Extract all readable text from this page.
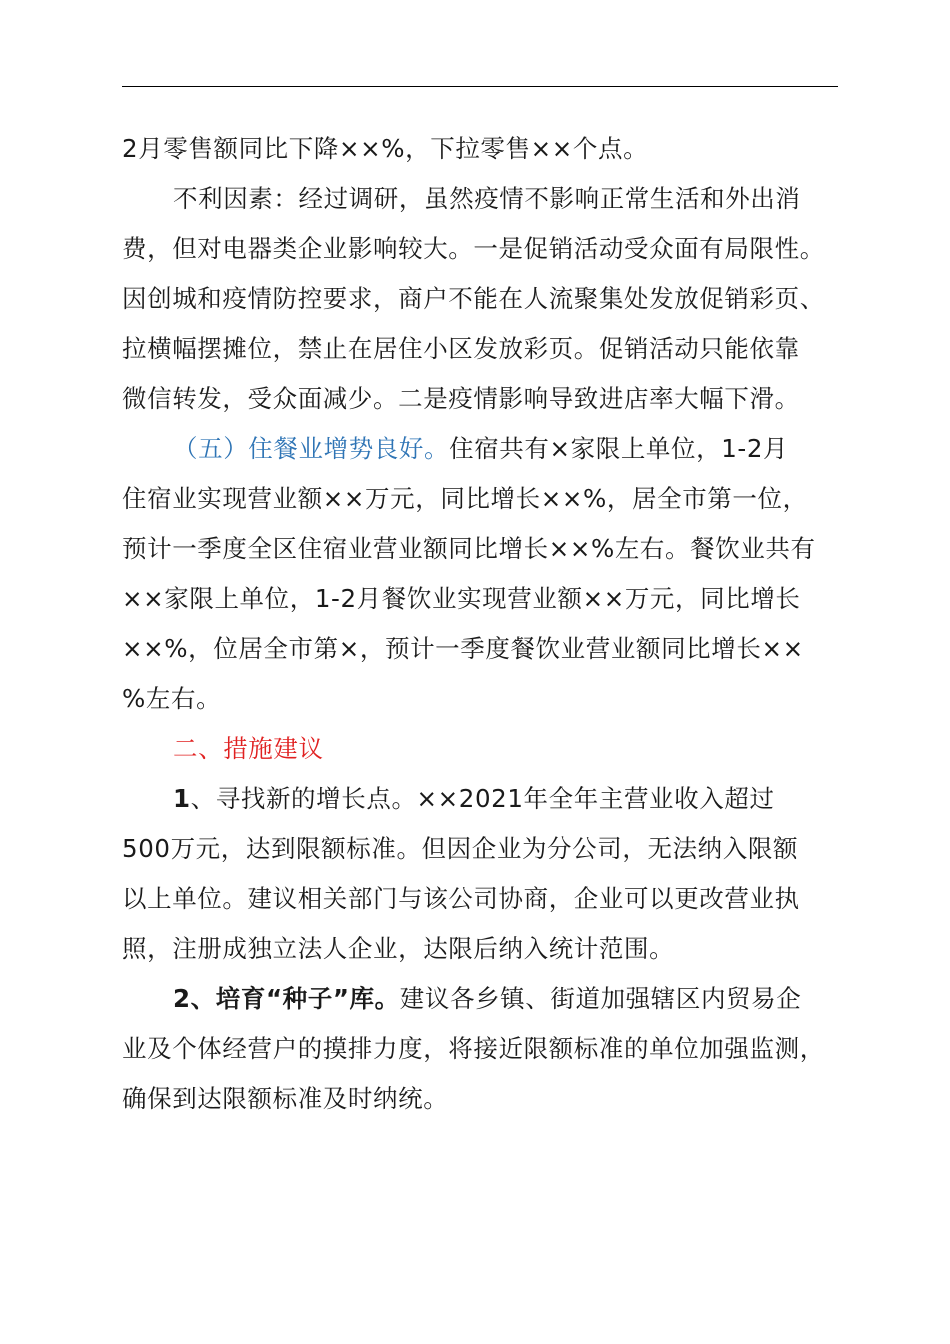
2月零售额同比下降××%，下拉零售××个点。

不利因素：经过调研，虽然疫情不影响正常生活和外出消
费，但对电器类企业影响较大。一是促销活动受众面有局限性。
因创城和疫情防控要求，商户不能在人流聚集处发放促销彩页、
拉横幅摆摊位，禁止在居住小区发放彩页。促销活动只能依靠
微信转发，受众面减少。二是疫情影响导致进店率大幅下滑。

（五）住餐业增势良好。住宿共有×家限上单位，1-2月
住宿业实现营业额××万元，同比增长××%，居全市第一位，
预计一季度全区住宿业营业额同比增长××%左右。餐饮业共有
××家限上单位，1-2月餐饮业实现营业额××万元，同比增长
××%，位居全市第×，预计一季度餐饮业营业额同比增长××
%左右。

二、措施建议

1、寻找新的增长点。××2021年全年主营业收入超过
500万元，达到限额标准。但因企业为分公司，无法纳入限额
以上单位。建议相关部门与该公司协商，企业可以更改营业执
照，注册成独立法人企业，达限后纳入统计范围。

2、培育“种子”库。建议各乡镇、街道加强辖区内贸易企
业及个体经营户的摸排力度，将接近限额标准的单位加强监测，
确保到达限额标准及时纳统。
